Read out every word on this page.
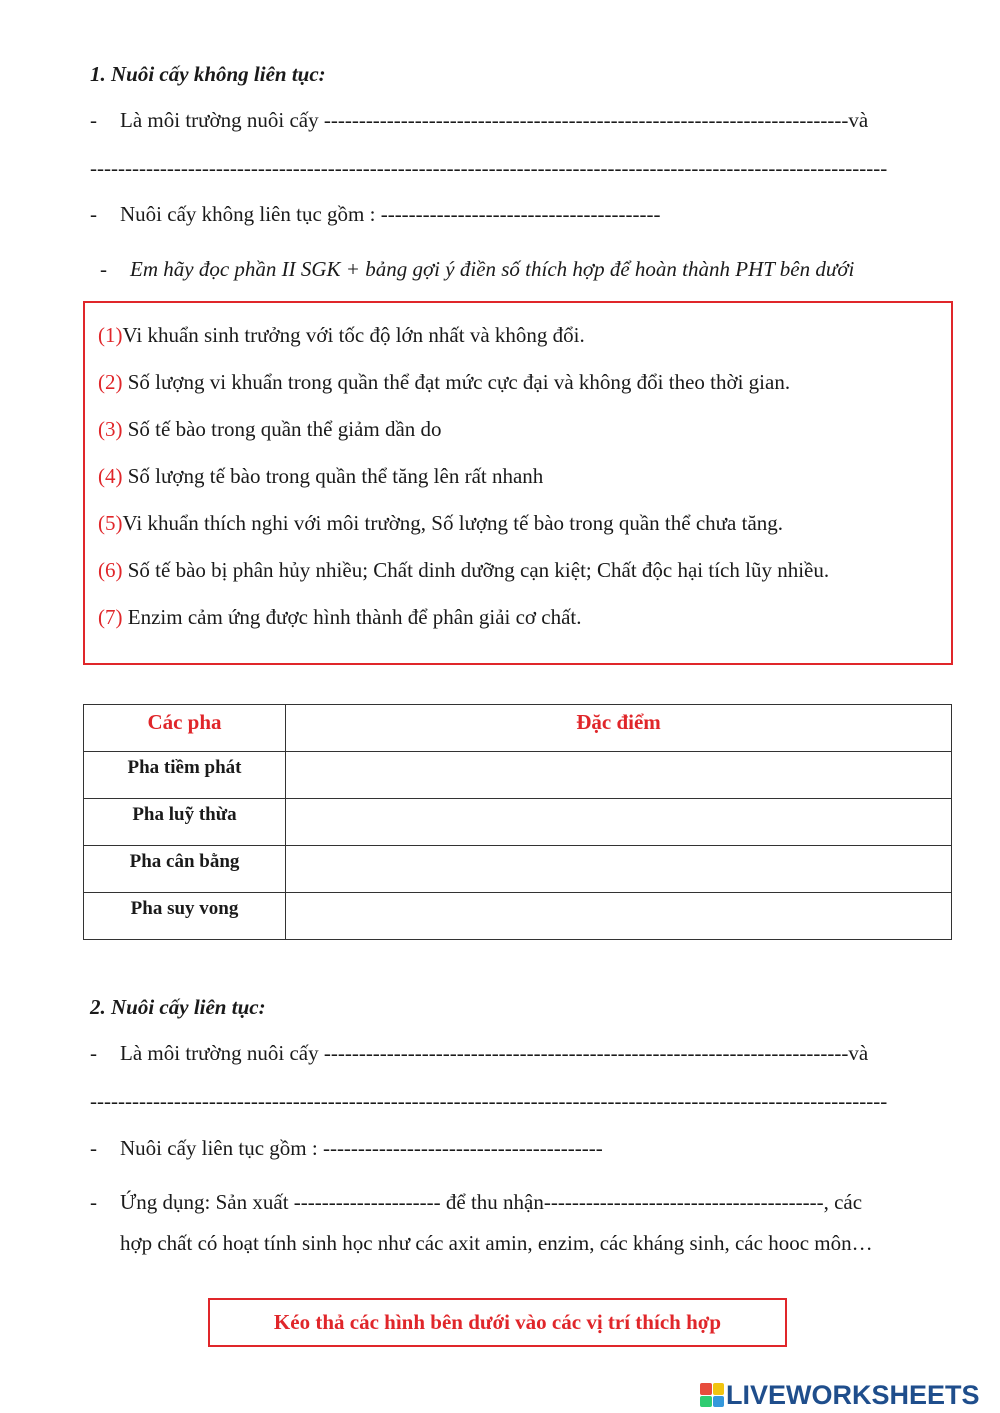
1. Nuôi cấy không liên tục:
- Là môi trường nuôi cấy ---------------------------------------------------------------------------và
------------------------------------------------------------------------------------------------------------------
- Nuôi cấy không liên tục gồm : ----------------------------------------
- Em hãy đọc phần II SGK + bảng gợi ý điền số thích hợp để hoàn thành PHT bên dưới
(1)Vi khuẩn sinh trưởng với tốc độ lớn nhất và không đổi.
(2) Số lượng vi khuẩn trong quần thể đạt mức cực đại và không đổi theo thời gian.
(3) Số tế bào trong quần thể giảm dần do
(4) Số lượng tế bào trong quần thể tăng lên rất nhanh
(5)Vi khuẩn thích nghi với môi trường, Số lượng tế bào trong quần thể chưa tăng.
(6) Số tế bào bị phân hủy nhiều; Chất dinh dưỡng cạn kiệt; Chất độc hại tích lũy nhiều.
(7) Enzim cảm ứng được hình thành để phân giải cơ chất.
Các pha	Đặc điểm
Pha tiềm phát	
Pha luỹ thừa	
Pha cân bằng	
Pha suy vong	
2. Nuôi cấy liên tục:
- Là môi trường nuôi cấy ---------------------------------------------------------------------------và
------------------------------------------------------------------------------------------------------------------
- Nuôi cấy liên tục gồm : ----------------------------------------
- Ứng dụng: Sản xuất --------------------- để thu nhận----------------------------------------, các
hợp chất có hoạt tính sinh học như các axit amin, enzim, các kháng sinh, các hooc môn…
Kéo thả các hình bên dưới vào các vị trí thích hợp
LIVEWORKSHEETS
